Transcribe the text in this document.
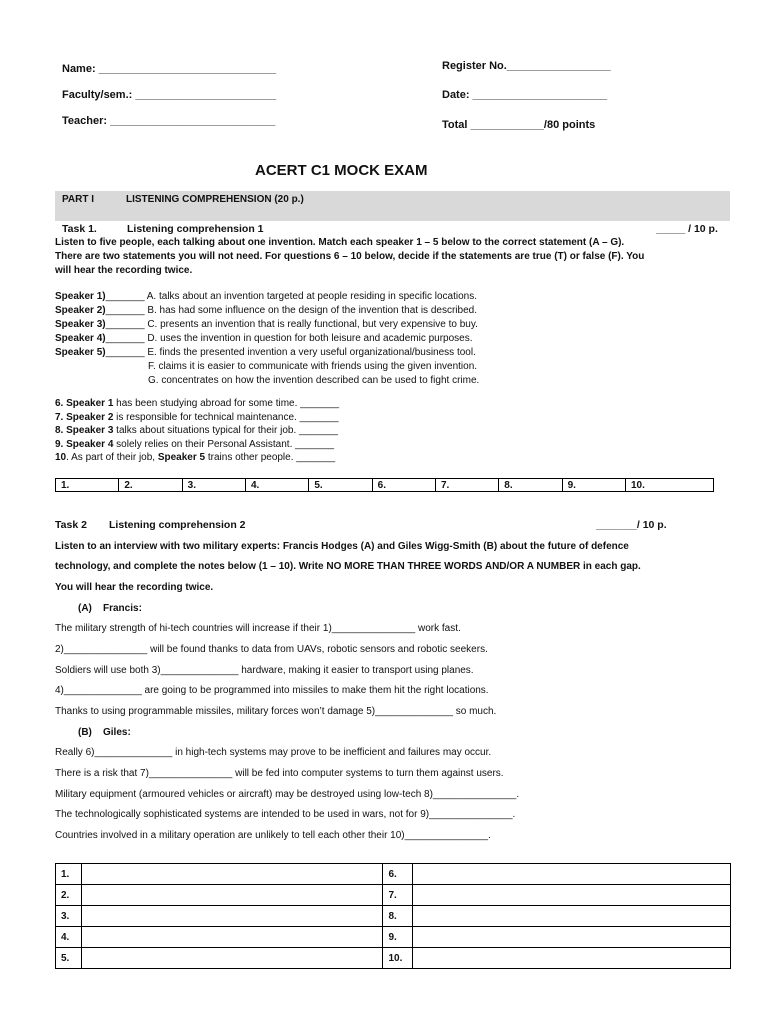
Name: _____________________________
Faculty/sem.: _______________________
Teacher: ___________________________
Register No._________________
Date: ______________________
Total ____________/80 points
ACERT C1 MOCK EXAM
PART I	LISTENING COMPREHENSION (20 p.)
Task 1.	Listening comprehension 1	_____ / 10 p.
Listen to five people, each talking about one invention. Match each speaker 1 – 5 below to the correct statement (A – G).
There are two statements you will not need. For questions 6 – 10 below, decide if the statements are true (T) or false (F). You
will hear the recording twice.
Speaker 1)_______ A. talks about an invention targeted at people residing in specific locations.
Speaker 2)_______ B. has had some influence on the design of the invention that is described.
Speaker 3)_______ C. presents an invention that is really functional, but very expensive to buy.
Speaker 4)_______ D. uses the invention in question for both leisure and academic purposes.
Speaker 5)_______ E. finds the presented invention a very useful organizational/business tool.
F. claims it is easier to communicate with friends using the given invention.
G. concentrates on how the invention described can be used to fight crime.
6. Speaker 1 has been studying abroad for some time. _______
7. Speaker 2 is responsible for technical maintenance. _______
8. Speaker 3 talks about situations typical for their job. _______
9. Speaker 4 solely relies on their Personal Assistant. _______
10. As part of their job, Speaker 5 trains other people. _______
1.	2.	3.	4.	5.	6.	7.	8.	9.	10.
Task 2 Listening comprehension 2	_______/ 10 p.
Listen to an interview with two military experts: Francis Hodges (A) and Giles Wigg-Smith (B) about the future of defence
technology, and complete the notes below (1 – 10). Write NO MORE THAN THREE WORDS AND/OR A NUMBER in each gap.
You will hear the recording twice.
(A)    Francis:
The military strength of hi-tech countries will increase if their 1)_______________ work fast.
2)_______________ will be found thanks to data from UAVs, robotic sensors and robotic seekers.
Soldiers will use both 3)______________ hardware, making it easier to transport using planes.
4)______________ are going to be programmed into missiles to make them hit the right locations.
Thanks to using programmable missiles, military forces won’t damage 5)______________ so much.
(B)    Giles:
Really 6)______________ in high-tech systems may prove to be inefficient and failures may occur.
There is a risk that 7)_______________ will be fed into computer systems to turn them against users.
Military equipment (armoured vehicles or aircraft) may be destroyed using low-tech 8)_______________.
The technologically sophisticated systems are intended to be used in wars, not for 9)_______________.
Countries involved in a military operation are unlikely to tell each other their 10)_______________.
1.		6.	
2.		7.	
3.		8.	
4.		9.	
5.		10.	
